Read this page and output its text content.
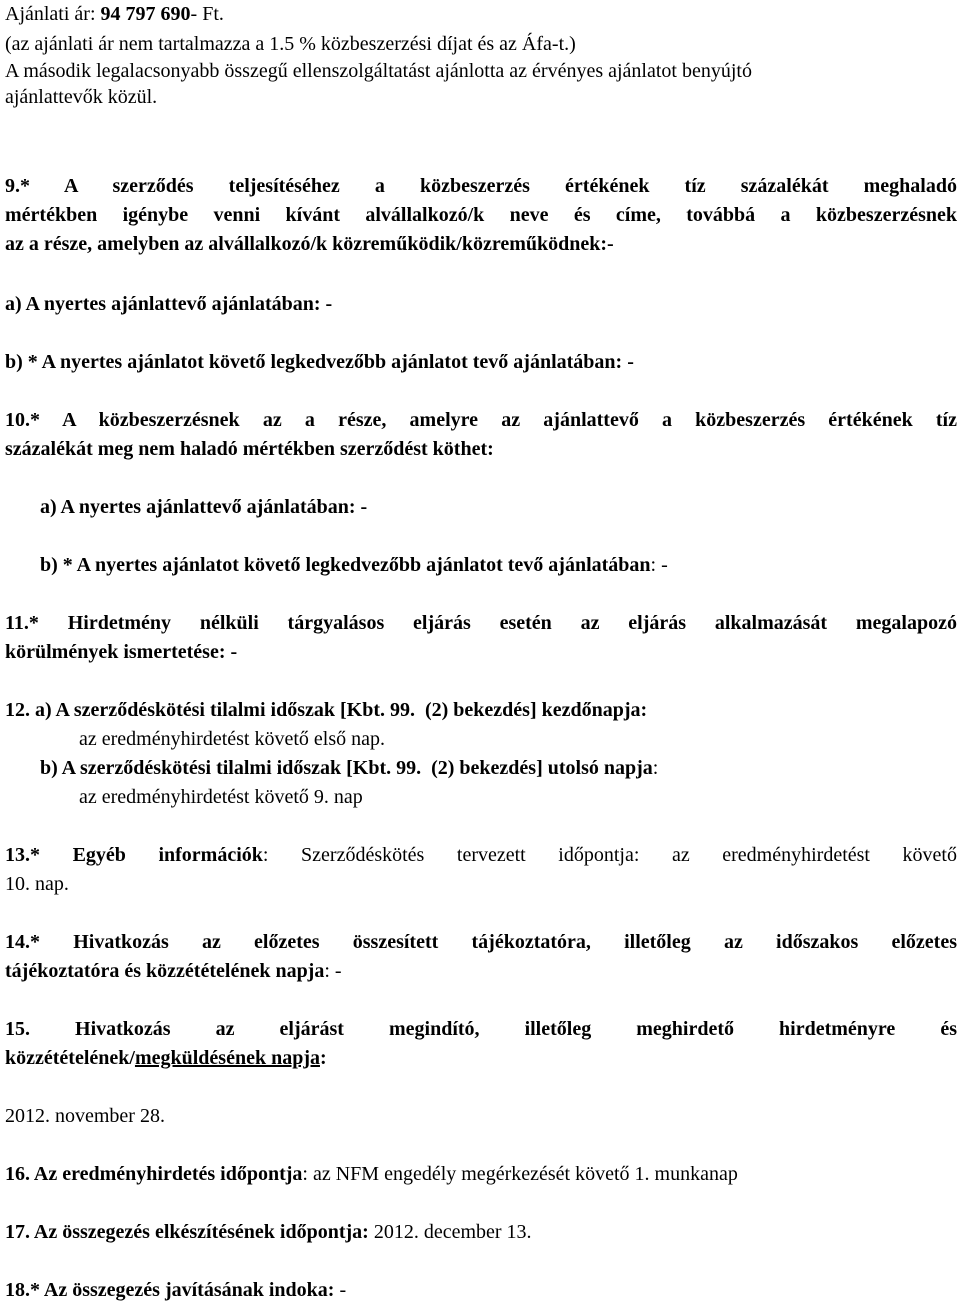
Ajánlati ár: 94 797 690- Ft.
(az ajánlati ár nem tartalmazza a 1.5 % közbeszerzési díjat és az Áfa-t.)
A második legalacsonyabb összegű ellenszolgáltatást ajánlotta az érvényes ajánlatot benyújtó
ajánlattevők közül.
9.* A szerződés teljesítéséhez a közbeszerzés értékének tíz százalékát meghaladó
mértékben igénybe venni kívánt alvállalkozó/k neve és címe, továbbá a közbeszerzésnek
az a része, amelyben az alvállalkozó/k közreműködik/közreműködnek:-
a) A nyertes ajánlattevő ajánlatában: -
b) * A nyertes ajánlatot követő legkedvezőbb ajánlatot tevő ajánlatában: -
10.* A közbeszerzésnek az a része, amelyre az ajánlattevő a közbeszerzés értékének tíz
százalékát meg nem haladó mértékben szerződést köthet:
a) A nyertes ajánlattevő ajánlatában: -
b) * A nyertes ajánlatot követő legkedvezőbb ajánlatot tevő ajánlatában: -
11.* Hirdetmény nélküli tárgyalásos eljárás esetén az eljárás alkalmazását megalapozó
körülmények ismertetése: -
12. a) A szerződéskötési tilalmi időszak [Kbt. 99.  (2) bekezdés] kezdőnapja:
az eredményhirdetést követő első nap.
b) A szerződéskötési tilalmi időszak [Kbt. 99.  (2) bekezdés] utolsó napja:
az eredményhirdetést követő 9. nap
13.* Egyéb információk: Szerződéskötés tervezett időpontja: az eredményhirdetést követő
10. nap.
14.* Hivatkozás az előzetes összesített tájékoztatóra, illetőleg az időszakos előzetes
tájékoztatóra és közzétételének napja: -
15. Hivatkozás az eljárást megindító, illetőleg meghirdető hirdetményre és
közzétételének/megküldésének napja:
2012. november 28.
16. Az eredményhirdetés időpontja: az NFM engedély megérkezését követő 1. munkanap
17. Az összegezés elkészítésének időpontja: 2012. december 13.
18.* Az összegezés javításának indoka: -
